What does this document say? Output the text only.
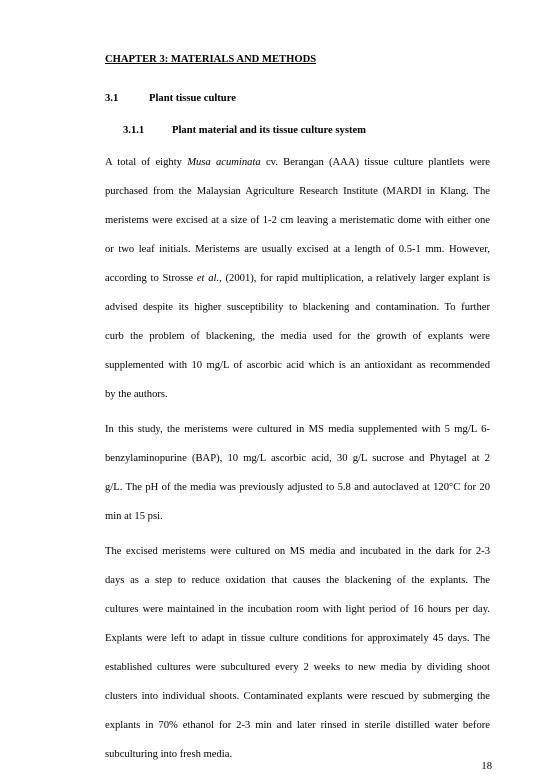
CHAPTER 3: MATERIALS AND METHODS
3.1	Plant tissue culture
3.1.1	Plant material and its tissue culture system
A total of eighty Musa acuminata cv. Berangan (AAA) tissue culture plantlets were
purchased from the Malaysian Agriculture Research Institute (MARDI in Klang. The
meristems were excised at a size of 1-2 cm leaving a meristematic dome with either one
or two leaf initials. Meristems are usually excised at a length of 0.5-1 mm. However,
according to Strosse et al., (2001), for rapid multiplication, a relatively larger explant is
advised despite its higher susceptibility to blackening and contamination. To further
curb the problem of blackening, the media used for the growth of explants were
supplemented with 10 mg/L of ascorbic acid which is an antioxidant as recommended
by the authors.
In this study, the meristems were cultured in MS media supplemented with 5 mg/L 6-
benzylaminopurine (BAP), 10 mg/L ascorbic acid, 30 g/L sucrose and Phytagel at 2
g/L. The pH of the media was previously adjusted to 5.8 and autoclaved at 120°C for 20
min at 15 psi.
The excised meristems were cultured on MS media and incubated in the dark for 2-3
days as a step to reduce oxidation that causes the blackening of the explants. The
cultures were maintained in the incubation room with light period of 16 hours per day.
Explants were left to adapt in tissue culture conditions for approximately 45 days. The
established cultures were subcultured every 2 weeks to new media by dividing shoot
clusters into individual shoots. Contaminated explants were rescued by submerging the
explants in 70% ethanol for 2-3 min and later rinsed in sterile distilled water before
subculturing into fresh media.
18
